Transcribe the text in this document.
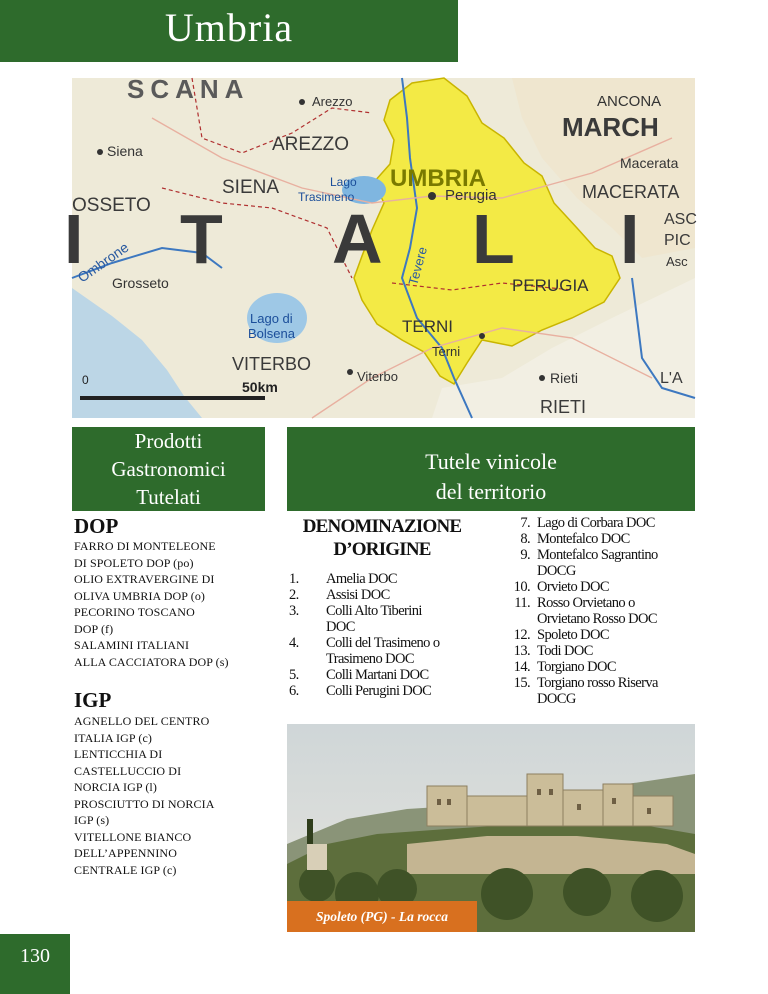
Umbria
SCANA	Arezzo
AREZZO
Siena
SIENA
OSSETO
Grosseto
Ombrone
Lago
Trasimeno
UMBRIA
Perugia
PERUGIA
Tevere
TERNI
Terni
Lago di
Bolsena
VITERBO
Viterbo
ANCONA
MARCH
Macerata
MACERATA
ASC
PIC
Asc
Rieti
RIETI
L'A
I T A L I
0	50km
Prodotti
Gastronomici
Tutelati
Tutele vinicole
del territorio
DOP
FARRO DI MONTELEONE
DI SPOLETO DOP (po)
OLIO EXTRAVERGINE DI
OLIVA UMBRIA DOP (o)
PECORINO TOSCANO
DOP (f)
SALAMINI ITALIANI
ALLA CACCIATORA DOP (s)
IGP
AGNELLO DEL CENTRO
ITALIA IGP (c)
LENTICCHIA DI
CASTELLUCCIO DI
NORCIA IGP (l)
PROSCIUTTO DI NORCIA
IGP (s)
VITELLONE BIANCO
DELL’APPENNINO
CENTRALE IGP (c)
DENOMINAZIONE
D’ORIGINE
1. Amelia DOC
2. Assisi DOC
3. Colli Alto Tiberini
DOC
4. Colli del Trasimeno o
Trasimeno DOC
5. Colli Martani DOC
6. Colli Perugini DOC
7. Lago di Corbara DOC
8. Montefalco DOC
9. Montefalco Sagrantino
DOCG
10. Orvieto DOC
11. Rosso Orvietano o
Orvietano Rosso DOC
12. Spoleto DOC
13. Todi DOC
14. Torgiano DOC
15. Torgiano rosso Riserva
DOCG
Spoleto (PG) - La rocca
130
